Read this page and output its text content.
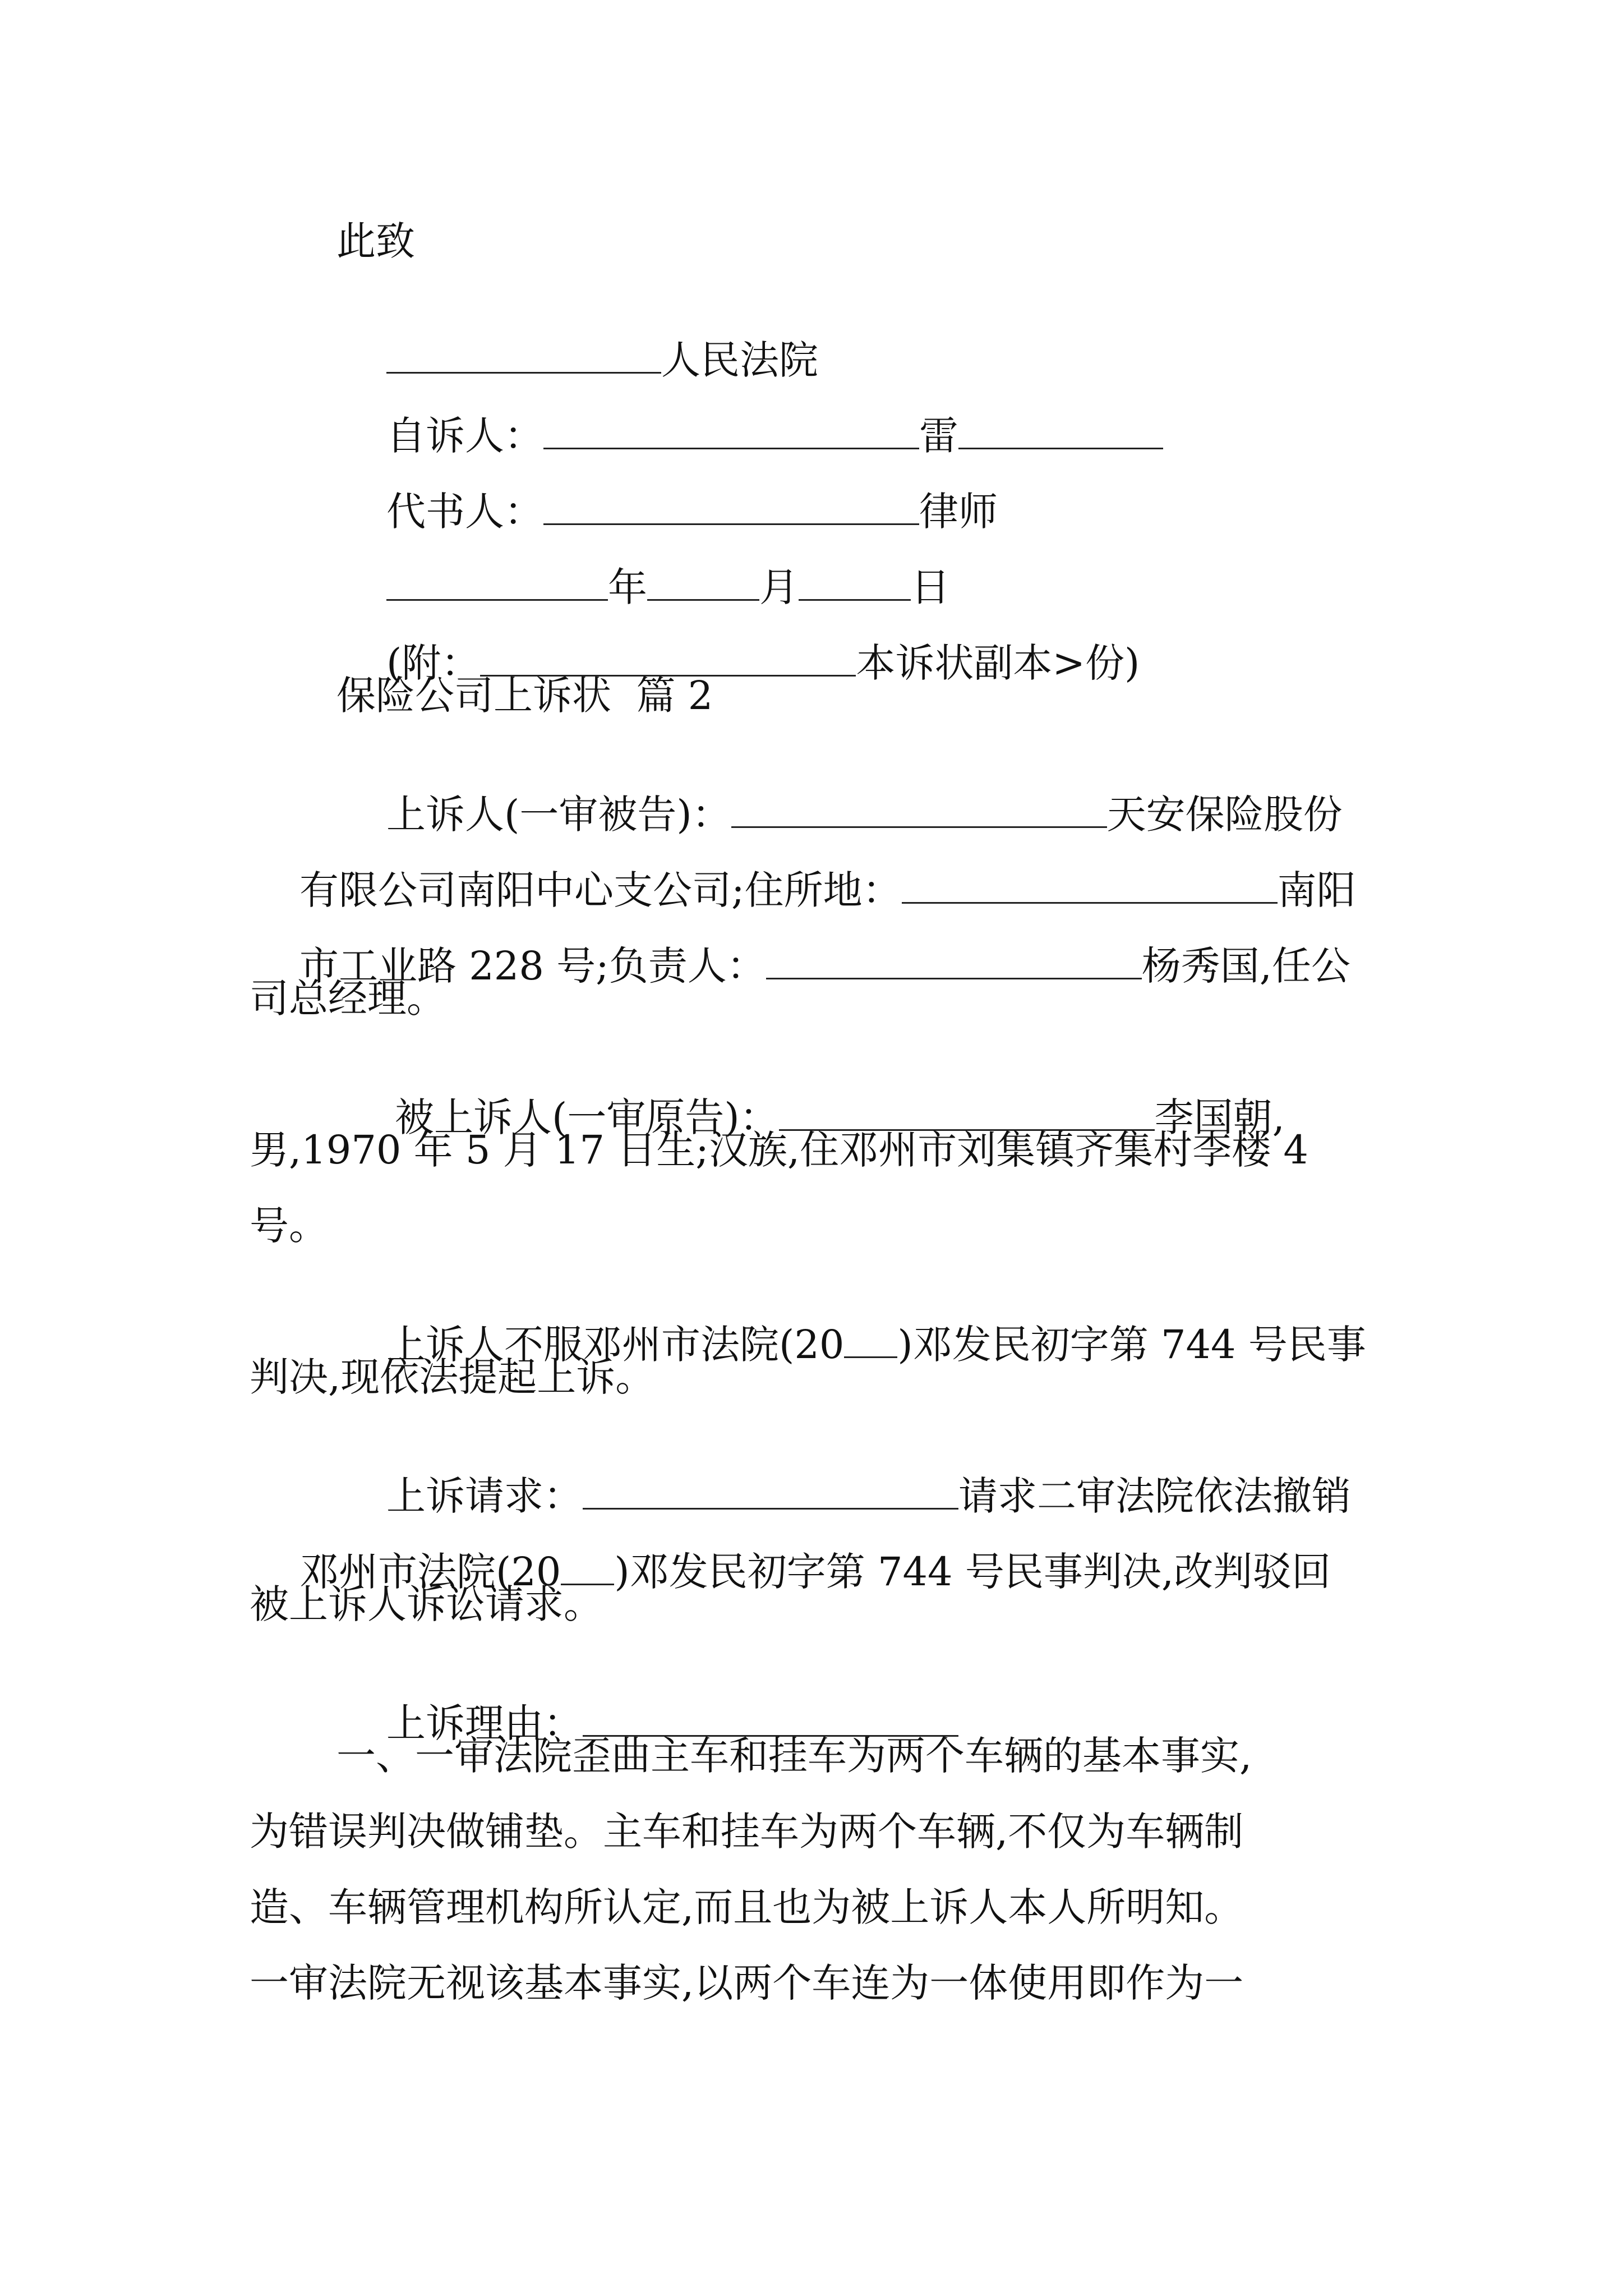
此致

人民法院

自诉人：	雷

代书人：	律师

年	月	日

(附：	本诉状副本>份)

保险公司上诉状  篇 2

上诉人(一审被告)：	天安保险股份

有限公司南阳中心支公司;住所地：	南阳

市工业路 228 号;负责人：	杨秀国,任公

司总经理。

被上诉人(一审原告)：	李国朝,

男,1970 年 5 月 17 日生;汉族,住邓州市刘集镇齐集村李楼 4
号。

上诉人不服邓州市法院(20 )邓发民初字第 744 号民事

判决,现依法提起上诉。

上诉请求：	请求二审法院依法撤销

邓州市法院(20 )邓发民初字第 744 号民事判决,改判驳回

被上诉人诉讼请求。

上诉理由：

一、一审法院歪曲主车和挂车为两个车辆的基本事实,
为错误判决做铺垫。主车和挂车为两个车辆,不仅为车辆制
造、车辆管理机构所认定,而且也为被上诉人本人所明知。
一审法院无视该基本事实,以两个车连为一体使用即作为一
